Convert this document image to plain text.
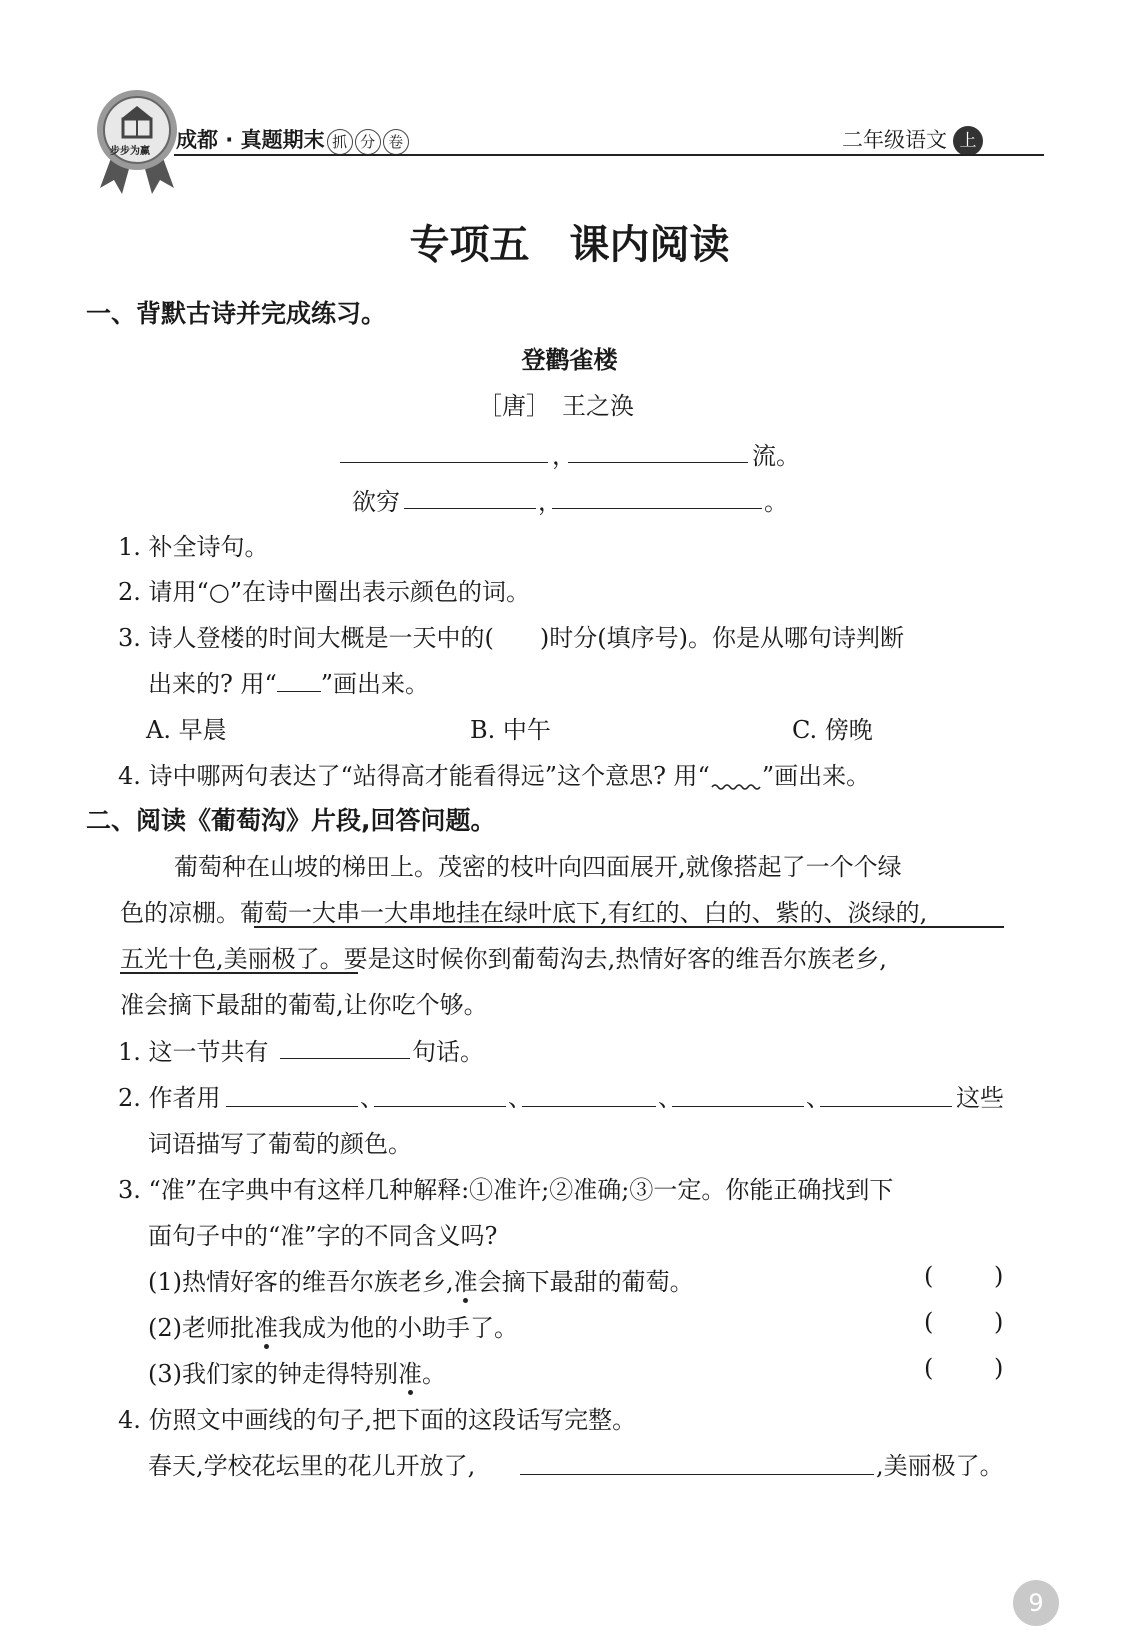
步步为赢 成都 · 真题期末 抓 分 卷	二年级语文 上
专项五　课内阅读
一、背默古诗并完成练习。
登鹳雀楼
［唐］　王之涣
，	流。
欲穷	，	。
1. 补全诗句。
2. 请用“○”在诗中圈出表示颜色的词。
3. 诗人登楼的时间大概是一天中的( )时分(填序号)。你是从哪句诗判断
出来的? 用“ ”画出来。
A. 早晨	B. 中午	C. 傍晚
4. 诗中哪两句表达了“站得高才能看得远”这个意思? 用“ ”画出来。
二、阅读《葡萄沟》片段,回答问题。
葡萄种在山坡的梯田上。茂密的枝叶向四面展开,就像搭起了一个个绿
色的凉棚。葡萄一大串一大串地挂在绿叶底下,有红的、白的、紫的、淡绿的,
五光十色,美丽极了。要是这时候你到葡萄沟去,热情好客的维吾尔族老乡,
准会摘下最甜的葡萄,让你吃个够。
1. 这一节共有	句话。
2. 作者用	、	、	、	、	这些
词语描写了葡萄的颜色。
3. “准”在字典中有这样几种解释:①准许;②准确;③一定。你能正确找到下
面句子中的“准”字的不同含义吗?
(1)热情好客的维吾尔族老乡,准会摘下最甜的葡萄。	(	)
(2)老师批准我成为他的小助手了。	(	)
(3)我们家的钟走得特别准。	(	)
4. 仿照文中画线的句子,把下面的这段话写完整。
春天,学校花坛里的花儿开放了,	,美丽极了。
9
